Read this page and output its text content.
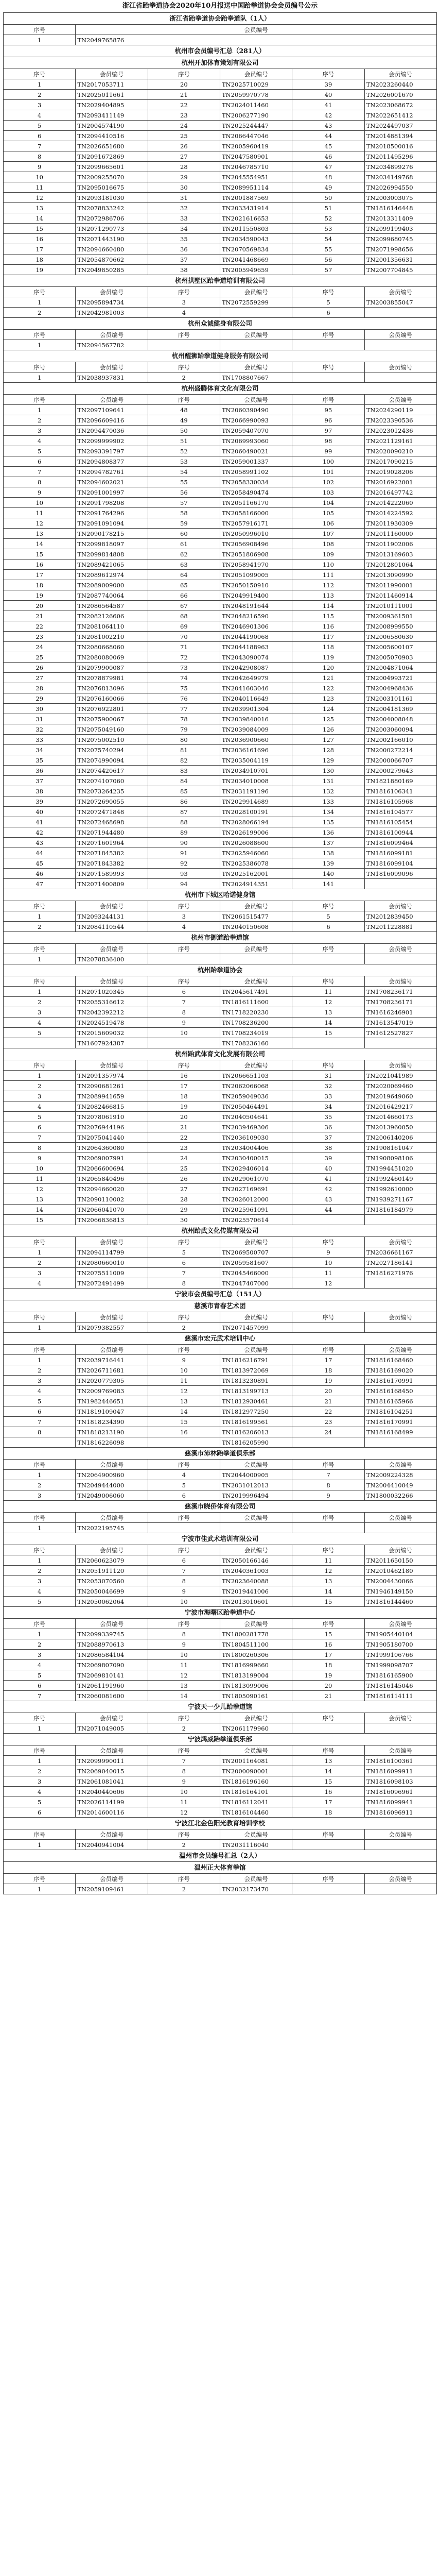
浙江省跆拳道协会2020年10月报送中国跆拳道协会会员编号公示
浙江省跆拳道协会跆拳道队（1人）					
序号	会员编号				
1	TN2049765876				
杭州市会员编号汇总（281人）					
杭州开加体育策划有限公司					
序号	会员编号	序号	会员编号	序号	会员编号
1	TN2017053711	20	TN2025710029	39	TN2023260440
2	TN2025011661	21	TN2059970778	40	TN2026001670
3	TN2029404895	22	TN2024011460	41	TN2023068672
4	TN2093411149	23	TN2006277190	42	TN2022651412
5	TN2004574190	24	TN2025244447	43	TN2024497037
6	TN2094410516	25	TN2066447046	44	TN2014881394
7	TN2026651680	26	TN2005960419	45	TN2018500016
8	TN2091672869	27	TN2047580901	46	TN2011495296
9	TN2099665601	28	TN2046785710	47	TN2034899276
10	TN2009255070	29	TN2045554951	48	TN2034149768
11	TN2095016675	30	TN2089951114	49	TN2026994550
12	TN2093181030	31	TN2001887569	50	TN2003003075
13	TN2078833242	32	TN2033431914	51	TN1816146448
14	TN2072986706	33	TN2021616653	52	TN2013311409
15	TN2071290773	34	TN2011550803	53	TN2099199403
16	TN2071443190	35	TN2034590043	54	TN2099680745
17	TN2094660480	36	TN2070569834	55	TN2071998656
18	TN2054870662	37	TN2041468669	56	TN2001356631
19	TN2049850285	38	TN2005949659	57	TN2007704845
杭州拱墅区跆拳道培训有限公司					
序号	会员编号	序号	会员编号	序号	会员编号
1	TN2095894734	3	TN2072559299	5	TN2003855047
2	TN2042981003	4		6	
杭州众诚健身有限公司					
序号	会员编号	序号	会员编号	序号	会员编号
1	TN2094567782				
杭州醒狮跆拳道健身服务有限公司					
序号	会员编号	序号	会员编号	序号	会员编号
1	TN2038937831	2	TN1708807667		
杭州盛腾体育文化有限公司					
序号	会员编号	序号	会员编号	序号	会员编号
1	TN2097109641	48	TN2060390490	95	TN2024290119
2	TN2096609416	49	TN2066990093	96	TN2023390536
3	TN2094470036	50	TN2059407070	97	TN2023012436
4	TN2099999902	51	TN2069993060	98	TN2021129161
5	TN2093391797	52	TN2060490021	99	TN2020090210
6	TN2094808377	53	TN2059001337	100	TN2017090215
7	TN2094782761	54	TN2058991102	101	TN2019028206
8	TN2094602021	55	TN2058330034	102	TN2016922001
9	TN2091001997	56	TN2058490474	103	TN2016497742
10	TN2091798208	57	TN2051166170	104	TN2014222060
11	TN2091764296	58	TN2058166000	105	TN2014224592
12	TN2091091094	59	TN2057916171	106	TN2011930309
13	TN2090178215	60	TN2050996010	107	TN2011160000
14	TN2099818097	61	TN2056908496	108	TN2011902006
15	TN2099814808	62	TN2051806908	109	TN2013169603
16	TN2089421065	63	TN2058941970	110	TN2012801064
17	TN2089612974	64	TN2051099005	111	TN2013090990
18	TN2089009000	65	TN2050150910	112	TN2011990001
19	TN2087740064	66	TN2049919400	113	TN2011460914
20	TN2086564587	67	TN2048191644	114	TN2010111001
21	TN2082126606	68	TN2048216590	115	TN2009361501
22	TN2081064110	69	TN2046901306	116	TN2008999550
23	TN2081002210	70	TN2044190068	117	TN2006580630
24	TN2080668060	71	TN2044188963	118	TN2005600107
25	TN2080080069	72	TN2043090074	119	TN2005070903
26	TN2079900087	73	TN2042908087	120	TN2004871064
27	TN2078879981	74	TN2042649979	121	TN2004993721
28	TN2076813096	75	TN2041603046	122	TN2004968436
29	TN2076160066	76	TN2040116649	123	TN2003101161
30	TN2076922801	77	TN2039901304	124	TN2004181369
31	TN2075900067	78	TN2039840016	125	TN2004008048
32	TN2075049160	79	TN2039084009	126	TN2003060094
33	TN2075002510	80	TN2036900660	127	TN2002166010
34	TN2075740294	81	TN2036161696	128	TN2000272214
35	TN2074990094	82	TN2035004119	129	TN2000066707
36	TN2074420617	83	TN2034910701	130	TN2000279643
37	TN2074107060	84	TN2034010008	131	TN1821880169
38	TN2073264235	85	TN2031191196	132	TN1816106341
39	TN2072690055	86	TN2029914689	133	TN1816105968
40	TN2072471848	87	TN2028100191	134	TN1816104577
41	TN2072468698	88	TN2028066194	135	TN1816105454
42	TN2071944480	89	TN2026199006	136	TN1816100944
43	TN2071601964	90	TN2026088600	137	TN1816099464
44	TN2071845382	91	TN2025946060	138	TN1816099181
45	TN2071843382	92	TN2025386078	139	TN1816099104
46	TN2071589993	93	TN2025162001	140	TN1816099096
47	TN2071400809	94	TN2024914351	141	
杭州市下城区哈诺健身馆					
序号	会员编号	序号	会员编号	序号	会员编号
1	TN2093244131	3	TN2061515477	5	TN2012839450
2	TN2084110544	4	TN2040150608	6	TN2011228881
杭州市御道跆拳道馆					
序号	会员编号	序号	会员编号	序号	会员编号
1	TN2078836400				
杭州跆拳道协会					
序号	会员编号	序号	会员编号	序号	会员编号
1	TN2071020345	6	TN2045617491	11	TN1708236171
2	TN2055316612	7	TN1816111600	12	TN1708236171
3	TN2042392212	8	TN1718220230	13	TN1616246901
4	TN2024519478	9	TN1708236200	14	TN1613547019
5	TN2015609032	10	TN1708234019	15	TN1612527827
	TN1607924387		TN1708236160		
杭州跆武体育文化发展有限公司					
序号	会员编号	序号	会员编号	序号	会员编号
1	TN2091357974	16	TN2066651103	31	TN2021041989
2	TN2090681261	17	TN2062066068	32	TN2020069460
3	TN2089941659	18	TN2059049036	33	TN2019649060
4	TN2082466815	19	TN2050464491	34	TN2016429217
5	TN2078061910	20	TN2040504641	35	TN2014660173
6	TN2076944196	21	TN2039469306	36	TN2013960050
7	TN2075041440	22	TN2036109030	37	TN2006140206
8	TN2064360080	23	TN2034004406	38	TN1908161047
9	TN2069007991	24	TN2030400015	39	TN1908098106
10	TN2066600694	25	TN2029406014	40	TN1994451020
11	TN2065840496	26	TN2029061070	41	TN1992460149
12	TN2094660020	27	TN2027169691	42	TN1992610000
13	TN2090110002	28	TN2026012000	43	TN1939271167
14	TN2066041070	29	TN2025961091	44	TN1816184979
15	TN2066836813	30	TN2025570614		
杭州跆武文化传媒有限公司					
序号	会员编号	序号	会员编号	序号	会员编号
1	TN2094114799	5	TN2069500707	9	TN2036661167
2	TN2080660010	6	TN2059581607	10	TN2027186141
3	TN2075511009	7	TN2045466000	11	TN1816271976
4	TN2072491499	8	TN2047407000	12	
宁波市会员编号汇总（151人）					
慈溪市青春艺术团					
序号	会员编号	序号	会员编号	序号	会员编号
1	TN2079382557	2	TN2071457099		
慈溪市宏元武术培训中心					
序号	会员编号	序号	会员编号	序号	会员编号
1	TN2039716441	9	TN1816216791	17	TN1816168460
2	TN2026711681	10	TN1813972069	18	TN1816169020
3	TN2020779305	11	TN1813230891	19	TN1816170991
4	TN2009769083	12	TN1813199713	20	TN1816168450
5	TN1982446651	13	TN1812930461	21	TN1816165966
6	TN1819109047	14	TN1812977250	22	TN1816104251
7	TN1818234390	15	TN1816199561	23	TN1816170991
8	TN1818213190	16	TN1816206013	24	TN1816168499
	TN1816226098		TN1816205990		
慈溪市沛林跆拳道俱乐部					
序号	会员编号	序号	会员编号	序号	会员编号
1	TN2064900960	4	TN2044000905	7	TN2009224328
2	TN2049444000	5	TN2031012013	8	TN2004410049
3	TN2049006060	6	TN2019996494	9	TN1800032266
慈溪市晓侨体育有限公司					
序号	会员编号	序号	会员编号	序号	会员编号
1	TN2022195745				
宁波市佳武术培训有限公司					
序号	会员编号	序号	会员编号	序号	会员编号
1	TN2060623079	6	TN2050166146	11	TN2011650150
2	TN2051911120	7	TN2040361003	12	TN2010462180
3	TN2053070560	8	TN2023640088	13	TN2004430066
4	TN2050046699	9	TN2019441006	14	TN1946149150
5	TN2050062064	10	TN2013010601	15	TN1816144460
宁波市海曙区跆拳道中心					
序号	会员编号	序号	会员编号	序号	会员编号
1	TN2099339745	8	TN1800281778	15	TN1905440104
2	TN2088970613	9	TN1804511100	16	TN1905180700
3	TN2086584104	10	TN1800260306	17	TN1999106766
4	TN2069807090	11	TN1816999660	18	TN1999098707
5	TN2069810141	12	TN1813199004	19	TN1816165900
6	TN2061191960	13	TN1813099006	20	TN1816145046
7	TN2060081600	14	TN1805090161	21	TN1816114111
宁波天一少儿跆拳道馆					
序号	会员编号	序号	会员编号	序号	会员编号
1	TN2071049005	2	TN2061179960		
宁波鸿威跆拳道俱乐部					
序号	会员编号	序号	会员编号	序号	会员编号
1	TN2099990011	7	TN2001164081	13	TN1816100361
2	TN2069040015	8	TN2000090001	14	TN1816099911
3	TN2061081041	9	TN1816196160	15	TN1816098103
4	TN2040440606	10	TN1816164101	16	TN1816096961
5	TN2026114199	11	TN1816112041	17	TN1816099941
6	TN2014600116	12	TN1816104460	18	TN1816096911
宁波江北金色阳光教育培训学校					
序号	会员编号	序号	会员编号	序号	会员编号
1	TN2040941004	2	TN2031116040		
温州市会员编号汇总（2人）					
温州正大体育拳馆					
序号	会员编号	序号	会员编号	序号	会员编号
1	TN2059109461	2	TN2032173470		
